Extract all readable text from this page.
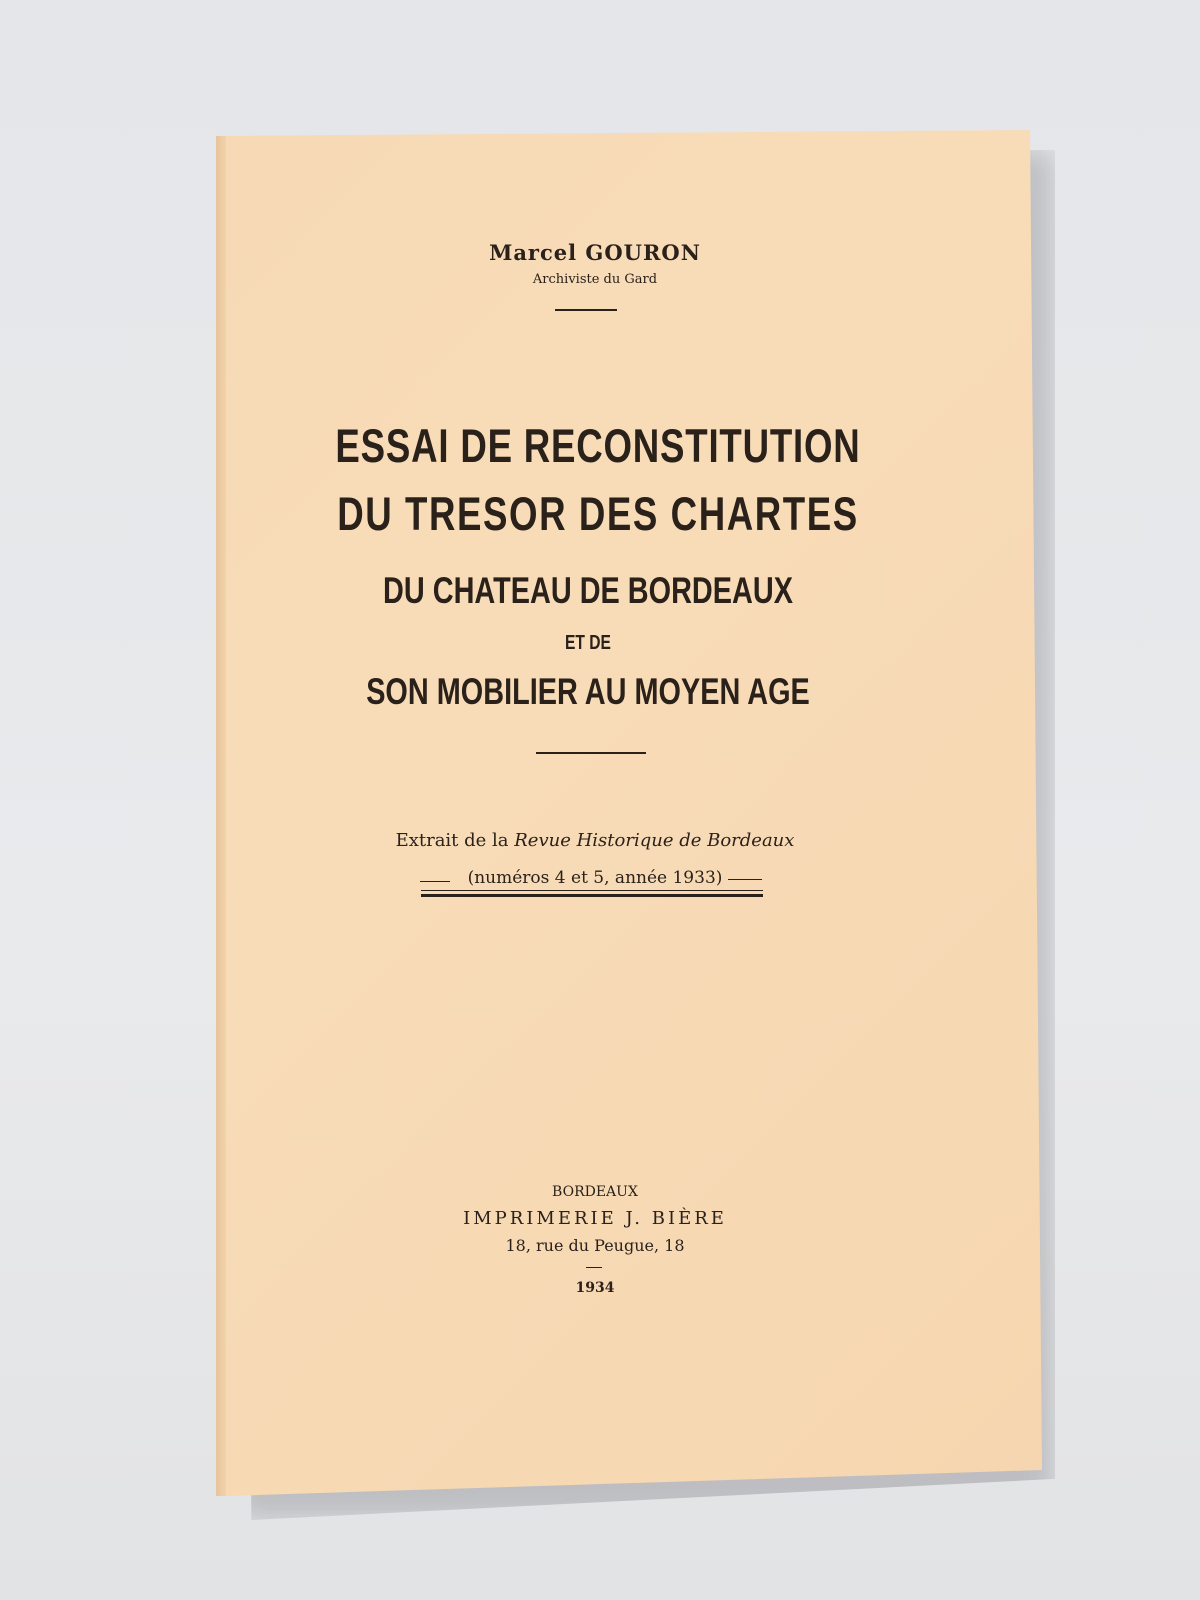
Marcel GOURON
Archiviste du Gard
ESSAI DE RECONSTITUTION
DU TRESOR DES CHARTES
DU CHATEAU DE BORDEAUX
ET DE
SON MOBILIER AU MOYEN AGE
Extrait de la Revue Historique de Bordeaux
(numéros 4 et 5, année 1933)
BORDEAUX
IMPRIMERIE J. BIÈRE
18, rue du Peugue, 18
1934
